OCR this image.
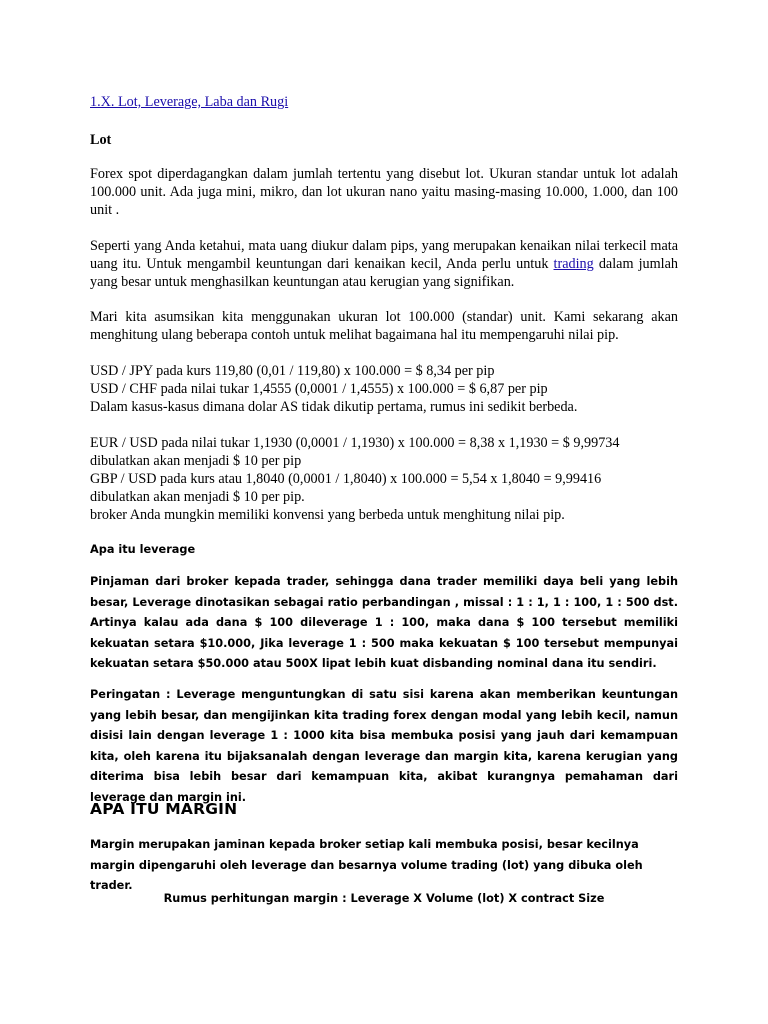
1.X. Lot, Leverage, Laba dan Rugi

Lot

Forex spot diperdagangkan dalam jumlah tertentu yang disebut lot. Ukuran standar untuk lot adalah 100.000 unit. Ada juga mini, mikro, dan lot ukuran nano yaitu masing-masing 10.000, 1.000, dan 100 unit .

Seperti yang Anda ketahui, mata uang diukur dalam pips, yang merupakan kenaikan nilai terkecil mata uang itu. Untuk mengambil keuntungan dari kenaikan kecil, Anda perlu untuk trading dalam jumlah yang besar untuk menghasilkan keuntungan atau kerugian yang signifikan.

Mari kita asumsikan kita menggunakan ukuran lot 100.000 (standar) unit. Kami sekarang akan menghitung ulang beberapa contoh untuk melihat bagaimana hal itu mempengaruhi nilai pip.

USD / JPY pada kurs 119,80 (0,01 / 119,80) x 100.000 = $ 8,34 per pip
USD / CHF pada nilai tukar 1,4555 (0,0001 / 1,4555) x 100.000 = $ 6,87 per pip
Dalam kasus-kasus dimana dolar AS tidak dikutip pertama, rumus ini sedikit berbeda.

EUR / USD pada nilai tukar 1,1930 (0,0001 / 1,1930) x 100.000 = 8,38 x 1,1930 = $ 9,99734
dibulatkan akan menjadi $ 10 per pip
GBP / USD pada kurs atau 1,8040 (0,0001 / 1,8040) x 100.000 = 5,54 x 1,8040 = 9,99416
dibulatkan akan menjadi $ 10 per pip.
broker Anda mungkin memiliki konvensi yang berbeda untuk menghitung nilai pip.

Apa itu leverage

Pinjaman dari broker kepada trader, sehingga dana trader memiliki daya beli yang lebih besar, Leverage dinotasikan sebagai ratio perbandingan , missal : 1 : 1, 1 : 100, 1 : 500 dst. Artinya kalau ada dana $ 100 dileverage 1 : 100, maka dana $ 100 tersebut memiliki kekuatan setara $10.000, Jika leverage 1 : 500 maka kekuatan $ 100 tersebut mempunyai kekuatan setara $50.000 atau 500X lipat lebih kuat disbanding nominal dana itu sendiri.

Peringatan : Leverage menguntungkan di satu sisi karena akan memberikan keuntungan yang lebih besar, dan mengijinkan kita trading forex dengan modal yang lebih kecil, namun disisi lain dengan leverage 1 : 1000 kita bisa membuka posisi yang jauh dari kemampuan kita, oleh karena itu bijaksanalah dengan leverage dan margin kita, karena kerugian yang diterima bisa lebih besar dari kemampuan kita, akibat kurangnya pemahaman dari leverage dan margin ini.

APA ITU MARGIN

Margin merupakan jaminan kepada broker setiap kali membuka posisi, besar kecilnya margin dipengaruhi oleh leverage dan besarnya volume trading (lot) yang dibuka oleh trader.

Rumus perhitungan margin : Leverage X Volume (lot) X contract Size
